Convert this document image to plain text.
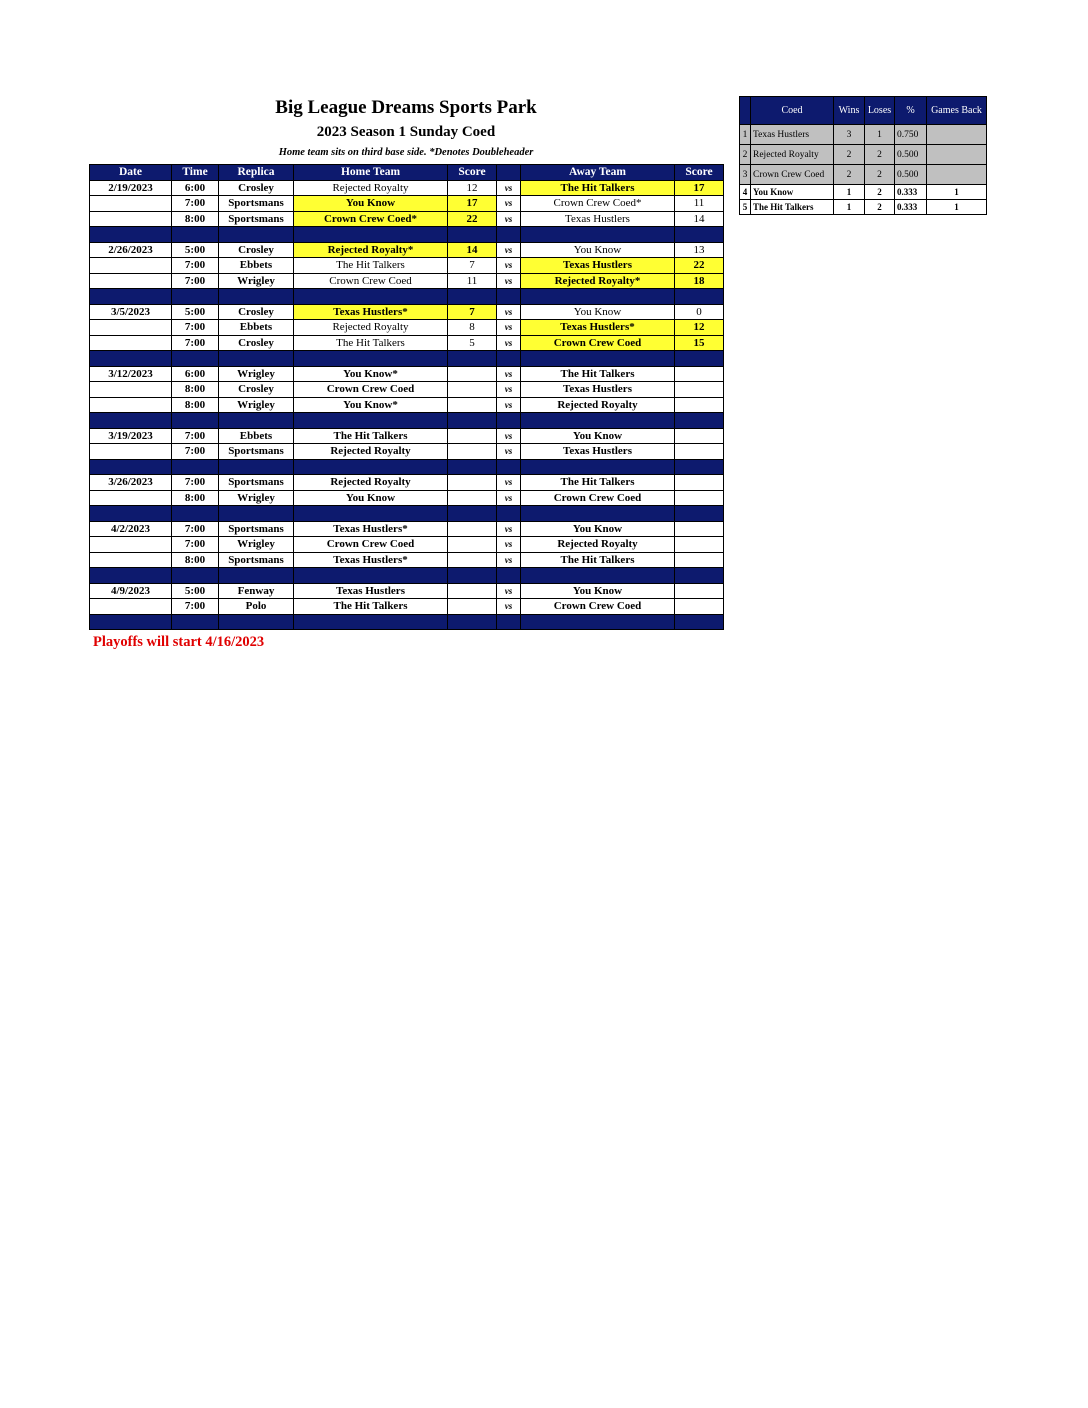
Big League Dreams Sports Park
2023 Season 1 Sunday Coed
Home team sits on third base side. *Denotes Doubleheader
Date	Time	Replica	Home Team	Score		Away Team	Score
2/19/2023	6:00	Crosley	Rejected Royalty	12	vs	The Hit Talkers	17
	7:00	Sportsmans	You Know	17	vs	Crown Crew Coed*	11
	8:00	Sportsmans	Crown Crew Coed*	22	vs	Texas Hustlers	14

2/26/2023	5:00	Crosley	Rejected Royalty*	14	vs	You Know	13
	7:00	Ebbets	The Hit Talkers	7	vs	Texas Hustlers	22
	7:00	Wrigley	Crown Crew Coed	11	vs	Rejected Royalty*	18

3/5/2023	5:00	Crosley	Texas Hustlers*	7	vs	You Know	0
	7:00	Ebbets	Rejected Royalty	8	vs	Texas Hustlers*	12
	7:00	Crosley	The Hit Talkers	5	vs	Crown Crew Coed	15

3/12/2023	6:00	Wrigley	You Know*		vs	The Hit Talkers	
	8:00	Crosley	Crown Crew Coed		vs	Texas Hustlers	
	8:00	Wrigley	You Know*		vs	Rejected Royalty	

3/19/2023	7:00	Ebbets	The Hit Talkers		vs	You Know	
	7:00	Sportsmans	Rejected Royalty		vs	Texas Hustlers	

3/26/2023	7:00	Sportsmans	Rejected Royalty		vs	The Hit Talkers	
	8:00	Wrigley	You Know		vs	Crown Crew Coed	

4/2/2023	7:00	Sportsmans	Texas Hustlers*		vs	You Know	
	7:00	Wrigley	Crown Crew Coed		vs	Rejected Royalty	
	8:00	Sportsmans	Texas Hustlers*		vs	The Hit Talkers	

4/9/2023	5:00	Fenway	Texas Hustlers		vs	You Know	
	7:00	Polo	The Hit Talkers		vs	Crown Crew Coed	

	Coed	Wins	Loses	%	Games Back
1	Texas Hustlers	3	1	0.750	
2	Rejected Royalty	2	2	0.500	
3	Crown Crew Coed	2	2	0.500	
4	You Know	1	2	0.333	1
5	The Hit Talkers	1	2	0.333	1
Playoffs will start 4/16/2023
